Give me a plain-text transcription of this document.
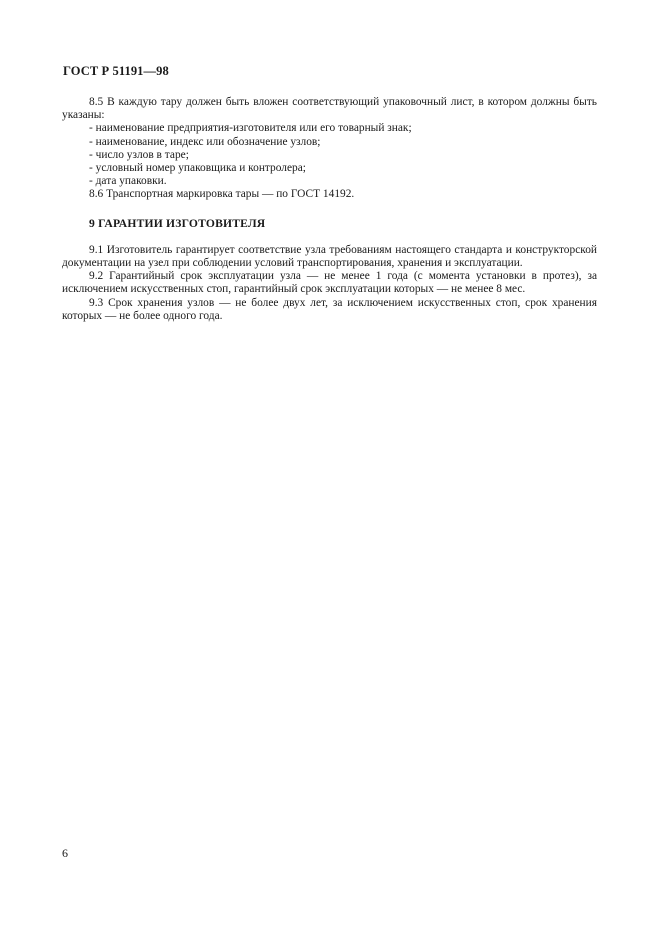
ГОСТ Р 51191—98

8.5 В каждую тару должен быть вложен соответствующий упаковочный лист, в котором должны быть указаны:

- наименование предприятия-изготовителя или его товарный знак;
- наименование, индекс или обозначение узлов;
- число узлов в таре;
- условный номер упаковщика и контролера;
- дата упаковки.

8.6 Транспортная маркировка тары — по ГОСТ 14192.

9 ГАРАНТИИ ИЗГОТОВИТЕЛЯ

9.1 Изготовитель гарантирует соответствие узла требованиям настоящего стандарта и конструкторской документации на узел при соблюдении условий транспортирования, хранения и эксплуатации.

9.2 Гарантийный срок эксплуатации узла — не менее 1 года (с момента установки в протез), за исключением искусственных стоп, гарантийный срок эксплуатации которых — не менее 8 мес.

9.3 Срок хранения узлов — не более двух лет, за исключением искусственных стоп, срок хранения которых — не более одного года.

6
